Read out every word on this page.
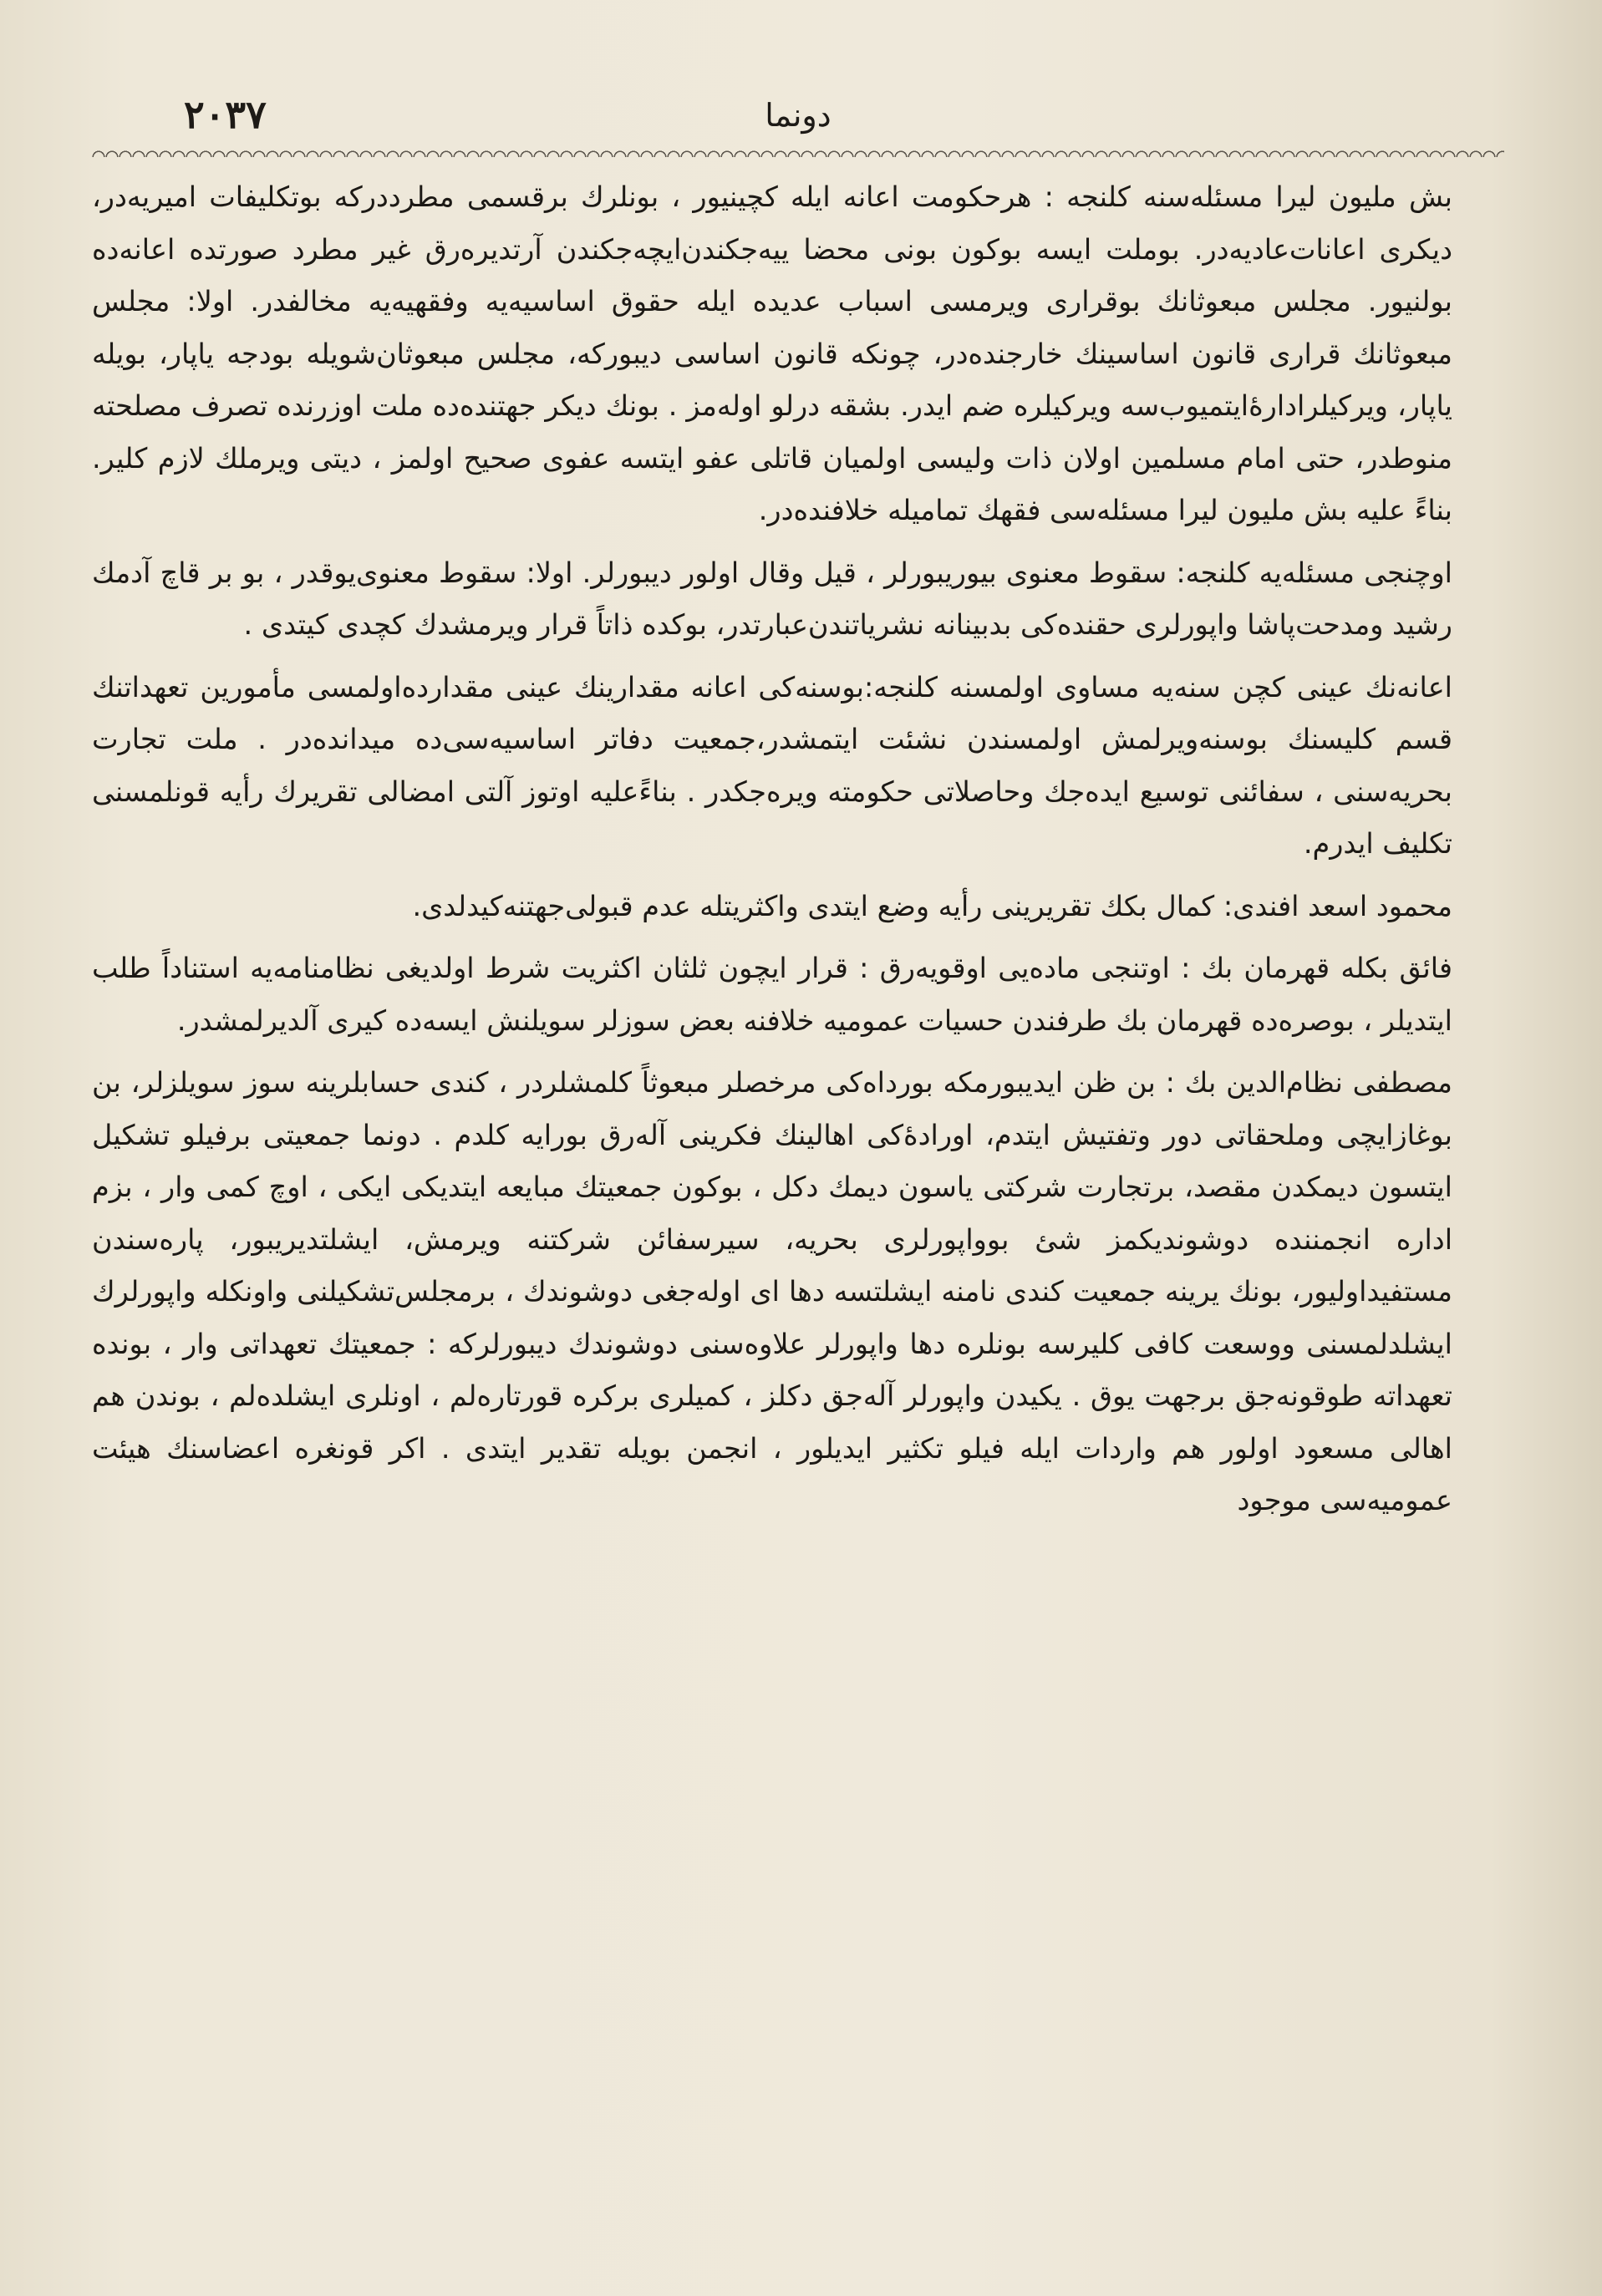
٢٠٣٧	دونما

بش مليون ليرا مسئله‌سنه كلنجه : هرحكومت اعانه ايله كچينيور ، بونلرك برقسمى مطرددركه بوتكليفات اميريه‌در، ديكرى اعانات‌عاديه‌در. بوملت ايسه بوكون بونى محضا ييه‌جكندن‌ايچه‌جكندن آرتديره‌رق غير مطرد صورتده اعانه‌ده بولنيور. مجلس مبعوثانك بوقرارى ويرمسى اسباب عديده ايله حقوق اساسيه‌يه وفقهيه‌يه مخالفدر. اولا: مجلس مبعوثانك قرارى قانون اساسينك خارجنده‌در، چونكه قانون اساسى ديبوركه، مجلس مبعوثان‌شويله بودجه ياپار، بويله ياپار، ويركيلرادارهٔ‌ايتميوب‌سه ويركيلره ضم ايدر. بشقه درلو اوله‌مز . بونك ديكر جهتنده‌ده ملت اوزرنده تصرف مصلحته منوطدر، حتى امام مسلمين اولان ذات وليسى اولميان قاتلى عفو ايتسه عفوى صحيح اولمز ، ديتى ويرملك لازم كلير. بناءً عليه بش مليون ليرا مسئله‌سى فقهك تماميله خلافنده‌در.

اوچنجى مسئله‌يه كلنجه: سقوط معنوى بيوريبورلر ، قيل وقال اولور ديبورلر. اولا: سقوط معنوى‌يوقدر ، بو بر قاچ آدمك رشيد ومدحت‌پاشا واپورلرى حقنده‌كى بدبينانه نشرياتندن‌عبارتدر، بوكده ذاتاً قرار ويرمشدك كچدى كيتدى .

اعانه‌نك عينى كچن سنه‌يه مساوى اولمسنه كلنجه:بوسنه‌كى اعانه مقدارينك عينى مقدارده‌اولمسى مأمورين تعهداتنك قسم كليسنك بوسنه‌ويرلمش اولمسندن نشئت ايتمشدر،جمعيت دفاتر اساسيه‌سى‌ده ميدانده‌در . ملت تجارت بحريه‌سنى ، سفائنى توسيع ايده‌جك وحاصلاتى حكومته ويره‌جكدر . بناءً‌عليه اوتوز آلتى امضالى تقريرك رأيه قونلمسنى تكليف ايدرم.

محمود اسعد افندى: كمال بكك تقريرينى رأيه وضع ايتدى واكثريتله عدم قبولى‌جهتنه‌كيدلدى.

فائق بكله قهرمان بك : اوتنجى ماده‌يى اوقويه‌رق : قرار ايچون ثلثان اكثريت شرط اولديغى نظامنامه‌يه استناداً طلب ايتديلر ، بوصره‌ده قهرمان بك طرفندن حسيات عموميه خلافنه بعض سوزلر سويلنش ايسه‌ده كيرى آلديرلمشدر.

مصطفى نظام‌الدين بك : بن ظن ايديبورمكه بورداه‌كى مرخصلر مبعوثاً كلمشلردر ، كندى حسابلرينه سوز سويلزلر، بن بوغازايچى وملحقاتى دور وتفتيش ايتدم، اورادهٔ‌كى اهالينك فكرينى آله‌رق بورايه كلدم . دونما جمعيتى برفيلو تشكيل ايتسون ديمكدن مقصد، برتجارت شركتى ياسون ديمك دكل ، بوكون جمعيتك مبايعه ايتديكى ايكى ، اوچ كمى وار ، بزم اداره انجمننده دوشونديكمز شئ بوواپورلرى بحريه، سيرسفائن شركتنه ويرمش، ايشلتديريبور، پاره‌سندن مستفيداوليور، بونك يرينه جمعيت كندى نامنه ايشلتسه دها اى اوله‌جغى دوشوندك ، برمجلس‌تشكيلنى واونكله واپورلرك ايشلدلمسنى ووسعت كافى كليرسه بونلره دها واپورلر علاوه‌سنى دوشوندك ديبورلركه : جمعيتك تعهداتى وار ، بونده تعهداته طوقونه‌جق برجهت يوق . يكيدن واپورلر آله‌جق دكلز ، كميلرى بركره قورتاره‌لم ، اونلرى ايشلده‌لم ، بوندن هم اهالى مسعود اولور هم واردات ايله فيلو تكثير ايديلور ، انجمن بويله تقدير ايتدى . اكر قونغره اعضاسنك هيئت عموميه‌سى موجود
